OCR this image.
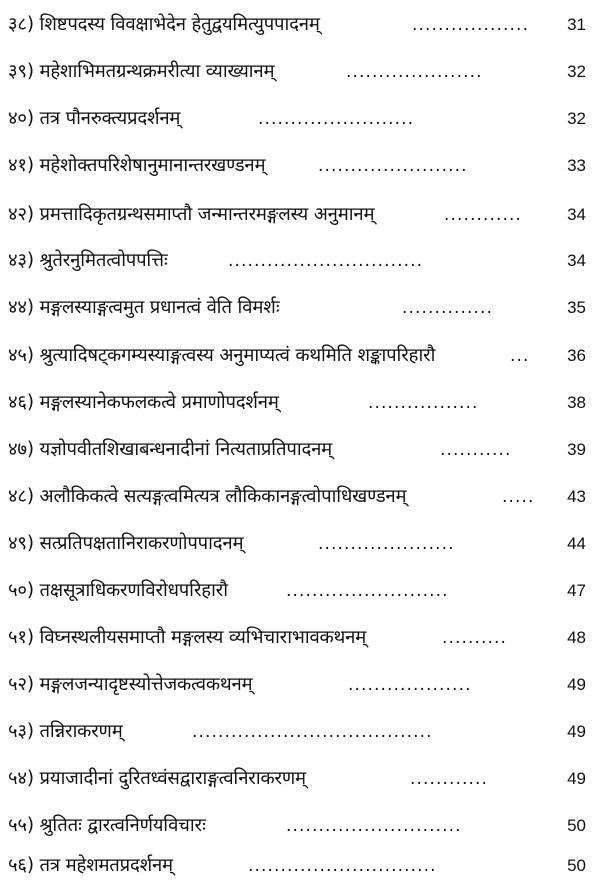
३८) शिष्टपदस्य विवक्षाभेदेन हेतुद्वयमित्युपपादनम्	.................. 31
३९) महेशाभिमतग्रन्थक्रमरीत्या व्याख्यानम्	.....................	32
४०) तत्र पौनरुक्त्यप्रदर्शनम्	........................	32
४१) महेशोक्तपरिशेषानुमानान्तरखण्डनम्	.......................	33
४२) प्रमत्तादिकृतग्रन्थसमाप्तौ जन्मान्तरमङ्गलस्य अनुमानम्	............	34
४३) श्रुतेरनुमितत्वोपपत्तिः	..............................	34
४४) मङ्गलस्याङ्गत्वमुत प्रधानत्वं वेति विमर्शः	..............	35
४५) श्रुत्यादिषट्कगम्यस्याङ्गत्वस्य अनुमाप्यत्वं कथमिति शङ्कापरिहारौ	... 36
४६) मङ्गलस्यानेकफलकत्वे प्रमाणोपदर्शनम्	.................	38
४७) यज्ञोपवीतशिखाबन्धनादीनां नित्यताप्रतिपादनम्	...........	39
४८) अलौकिकत्वे सत्यङ्गत्वमित्यत्र लौकिकानङ्गत्वोपाधिखण्डनम्	..... 43
४९) सत्प्रतिपक्षतानिराकरणोपपादनम्	.....................	44
५०) तक्षसूत्राधिकरणविरोधपरिहारौ	.........................	47
५१) विघ्नस्थलीयसमाप्तौ मङ्गलस्य व्यभिचाराभावकथनम्	..........	48
५२) मङ्गलजन्यादृष्टस्योत्तेजकत्वकथनम्	...................	49
५३) तन्निराकरणम्	.....................................	49
५४) प्रयाजादीनां दुरितध्वंसद्वाराङ्गत्वनिराकरणम्	............	49
५५) श्रुतितः द्वारत्वनिर्णयविचारः	...........................	50
५६) तत्र महेशमतप्रदर्शनम्	.............................	50
